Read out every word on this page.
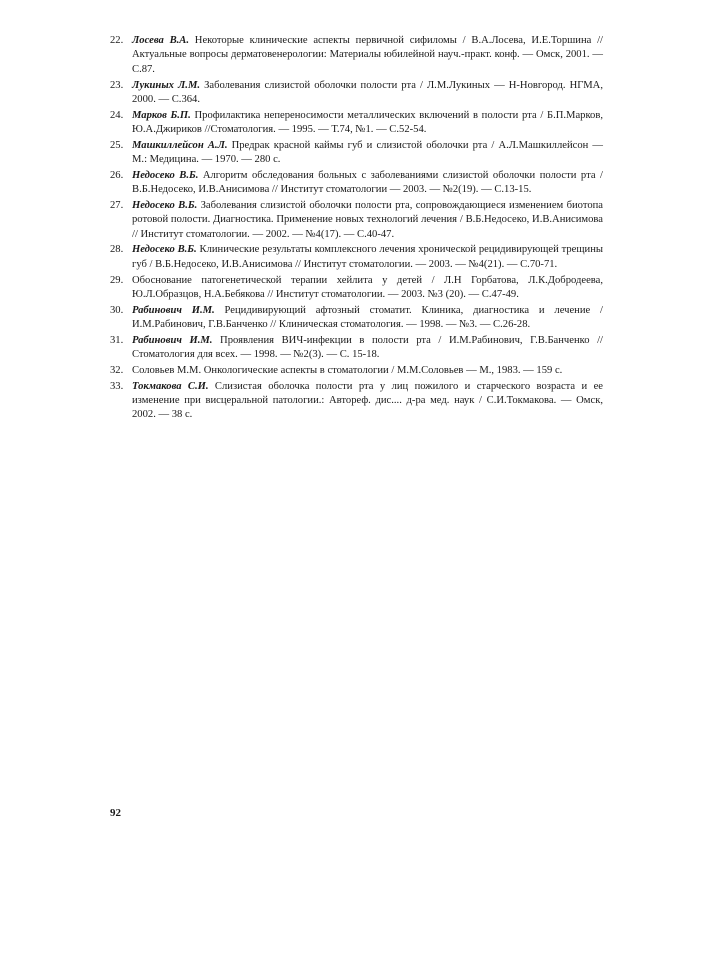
22. Лосева В.А. Некоторые клинические аспекты первичной сифиломы / В.А.Лосева, И.Е.Торшина // Актуальные вопросы дерматовенерологии: Материалы юбилейной науч.-практ. конф. — Омск, 2001. — С.87.
23. Лукиных Л.М. Заболевания слизистой оболочки полости рта / Л.М.Лукиных — Н-Новгород. НГМА, 2000. — С.364.
24. Марков Б.П. Профилактика непереносимости металлических включений в полости рта / Б.П.Марков, Ю.А.Джириков //Стоматология. — 1995. — Т.74, №1. — С.52-54.
25. Машкиллейсон А.Л. Предрак красной каймы губ и слизистой оболочки рта / А.Л.Машкиллейсон — М.: Медицина. — 1970. — 280 с.
26. Недосеко В.Б. Алгоритм обследования больных с заболеваниями слизистой оболочки полости рта / В.Б.Недосеко, И.В.Анисимова // Институт стоматологии — 2003. — №2(19). — С.13-15.
27. Недосеко В.Б. Заболевания слизистой оболочки полости рта, сопровождающиеся изменением биотопа ротовой полости. Диагностика. Применение новых технологий лечения / В.Б.Недосеко, И.В.Анисимова // Институт стоматологии. — 2002. — №4(17). — С.40-47.
28. Недосеко В.Б. Клинические результаты комплексного лечения хронической рецидивирующей трещины губ / В.Б.Недосеко, И.В.Анисимова // Институт стоматологии. — 2003. — №4(21). — С.70-71.
29. Обоснование патогенетической терапии хейлита у детей / Л.Н Горбатова, Л.К.Добродеева, Ю.Л.Образцов, Н.А.Бебякова // Институт стоматологии. — 2003. №3 (20). — С.47-49.
30. Рабинович И.М. Рецидивирующий афтозный стоматит. Клиника, диагностика и лечение / И.М.Рабинович, Г.В.Банченко // Клиническая стоматология. — 1998. — №3. — С.26-28.
31. Рабинович И.М. Проявления ВИЧ-инфекции в полости рта / И.М.Рабинович, Г.В.Банченко // Стоматология для всех. — 1998. — №2(3). — С. 15-18.
32. Соловьев М.М. Онкологические аспекты в стоматологии / М.М.Соловьев — М., 1983. — 159 с.
33. Токмакова С.И. Слизистая оболочка полости рта у лиц пожилого и старческого возраста и ее изменение при висцеральной патологии.: Автореф. дис.... д-ра мед. наук / С.И.Токмакова. — Омск, 2002. — 38 с.
92
